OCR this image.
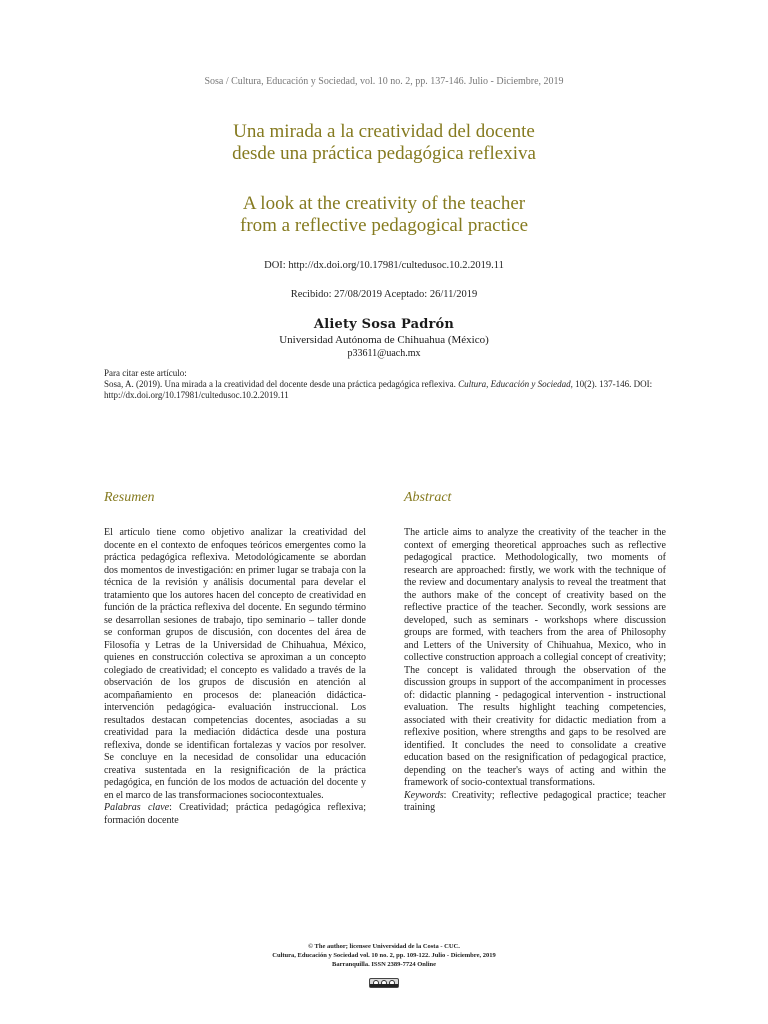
Sosa / Cultura, Educación y Sociedad, vol. 10 no. 2, pp. 137-146. Julio - Diciembre, 2019
Una mirada a la creatividad del docente
desde una práctica pedagógica reflexiva
A look at the creativity of the teacher
from a reflective pedagogical practice
DOI: http://dx.doi.org/10.17981/cultedusoc.10.2.2019.11
Recibido: 27/08/2019 Aceptado: 26/11/2019
Aliety Sosa Padrón
Universidad Autónoma de Chihuahua (México)
p33611@uach.mx
Para citar este artículo:
Sosa, A. (2019). Una mirada a la creatividad del docente desde una práctica pedagógica reflexiva. Cultura, Educación y Sociedad, 10(2). 137-146. DOI: http://dx.doi.org/10.17981/cultedusoc.10.2.2019.11
Resumen	Abstract
El artículo tiene como objetivo analizar la creatividad del docente en el contexto de enfoques teóricos emergentes como la práctica pedagógica reflexiva. Metodológicamente se abordan dos momentos de investigación: en primer lugar se trabaja con la técnica de la revisión y análisis documental para develar el tratamiento que los autores hacen del concepto de creatividad en función de la práctica reflexiva del docente. En segundo término se desarrollan sesiones de trabajo, tipo seminario – taller donde se conforman grupos de discusión, con docentes del área de Filosofía y Letras de la Universidad de Chihuahua, México, quienes en construcción colectiva se aproximan a un concepto colegiado de creatividad; el concepto es validado a través de la observación de los grupos de discusión en atención al acompañamiento en procesos de: planeación didáctica- intervención pedagógica- evaluación instruccional. Los resultados destacan competencias docentes, asociadas a su creatividad para la mediación didáctica desde una postura reflexiva, donde se identifican fortalezas y vacíos por resolver. Se concluye en la necesidad de consolidar una educación creativa sustentada en la resignificación de la práctica pedagógica, en función de los modos de actuación del docente y en el marco de las transformaciones sociocontextuales.
Palabras clave: Creatividad; práctica pedagógica reflexiva; formación docente
The article aims to analyze the creativity of the teacher in the context of emerging theoretical approaches such as reflective pedagogical practice. Methodologically, two moments of research are approached: firstly, we work with the technique of the review and documentary analysis to reveal the treatment that the authors make of the concept of creativity based on the reflective practice of the teacher. Secondly, work sessions are developed, such as seminars - workshops where discussion groups are formed, with teachers from the area of Philosophy and Letters of the University of Chihuahua, Mexico, who in collective construction approach a collegial concept of creativity; The concept is validated through the observation of the discussion groups in support of the accompaniment in processes of: didactic planning - pedagogical intervention - instructional evaluation. The results highlight teaching competencies, associated with their creativity for didactic mediation from a reflexive position, where strengths and gaps to be resolved are identified. It concludes the need to consolidate a creative education based on the resignification of pedagogical practice, depending on the teacher's ways of acting and within the framework of socio-contextual transformations.
Keywords: Creativity; reflective pedagogical practice; teacher training
© The author; licensee Universidad de la Costa - CUC.
Cultura, Educación y Sociedad vol. 10 no. 2, pp. 109-122. Julio - Diciembre, 2019
Barranquilla. ISSN 2389-7724 Online
